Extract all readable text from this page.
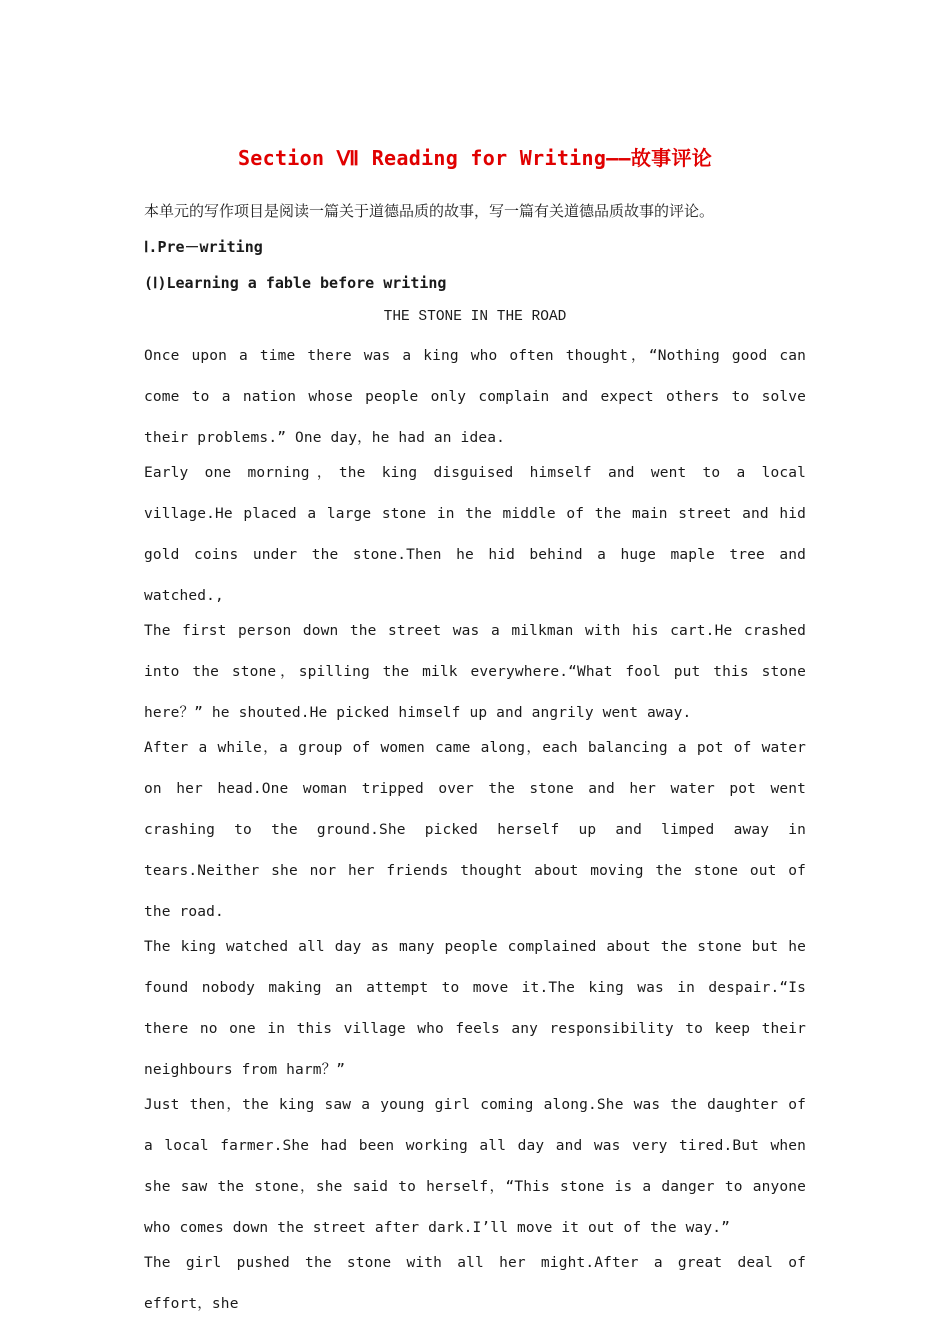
Section Ⅶ Reading for Writing——故事评论

本单元的写作项目是阅读一篇关于道德品质的故事，写一篇有关道德品质故事的评论。

Ⅰ.Pre－writing
(Ⅰ)Learning a fable before writing
THE STONE IN THE ROAD

Once upon a time there was a king who often thought，“Nothing good can come to a nation whose people only complain and expect others to solve their problems.” One day，he had an idea.

Early one morning，the king disguised himself and went to a local village.He placed a large stone in the middle of the main street and hid gold coins under the stone.Then he hid behind a huge maple tree and watched.,

The first person down the street was a milkman with his cart.He crashed into the stone，spilling the milk everywhere.“What fool put this stone here？” he shouted.He picked himself up and angrily went away.

After a while，a group of women came along，each balancing a pot of water on her head.One woman tripped over the stone and her water pot went crashing to the ground.She picked herself up and limped away in tears.Neither she nor her friends thought about moving the stone out of the road.

The king watched all day as many people complained about the stone but he found nobody making an attempt to move it.The king was in despair.“Is there no one in this village who feels any responsibility to keep their neighbours from harm？”

Just then，the king saw a young girl coming along.She was the daughter of a local farmer.She had been working all day and was very tired.But when she saw the stone，she said to herself，“This stone is a danger to anyone who comes down the street after dark.I’ll move it out of the way.”

The girl pushed the stone with all her might.After a great deal of effort，she
